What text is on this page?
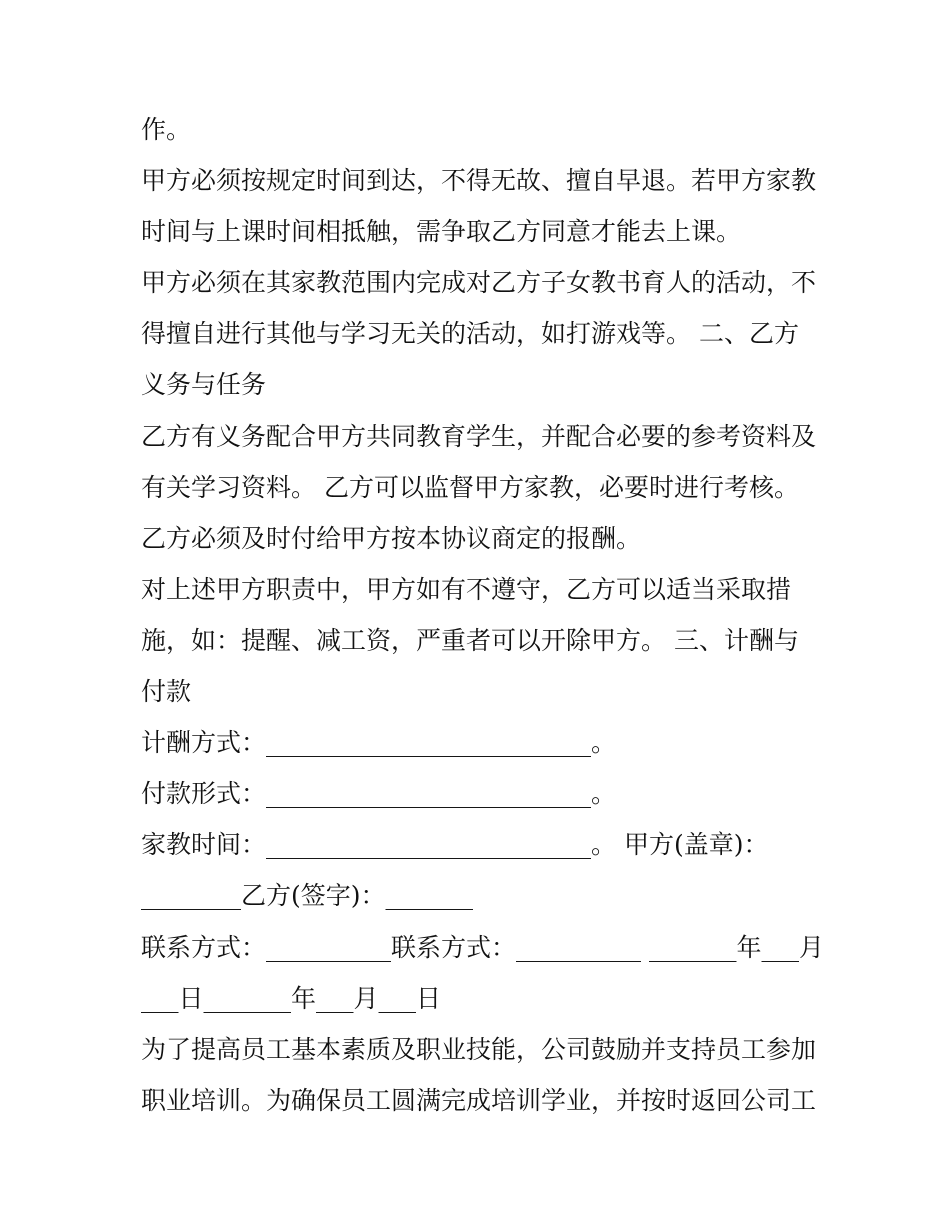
作。
甲方必须按规定时间到达，不得无故、擅自早退。若甲方家教
时间与上课时间相抵触，需争取乙方同意才能去上课。
甲方必须在其家教范围内完成对乙方子女教书育人的活动，不
得擅自进行其他与学习无关的活动，如打游戏等。 二、乙方
义务与任务
乙方有义务配合甲方共同教育学生，并配合必要的参考资料及
有关学习资料。 乙方可以监督甲方家教，必要时进行考核。
乙方必须及时付给甲方按本协议商定的报酬。
对上述甲方职责中，甲方如有不遵守，乙方可以适当采取措
施，如：提醒、减工资，严重者可以开除甲方。 三、计酬与
付款
计酬方式：__________________________。
付款形式：__________________________。
家教时间：__________________________。 甲方(盖章)：
________乙方(签字)：_______
联系方式：__________联系方式：__________ _______年___月
___日_______年___月___日
为了提高员工基本素质及职业技能，公司鼓励并支持员工参加
职业培训。为确保员工圆满完成培训学业，并按时返回公司工
